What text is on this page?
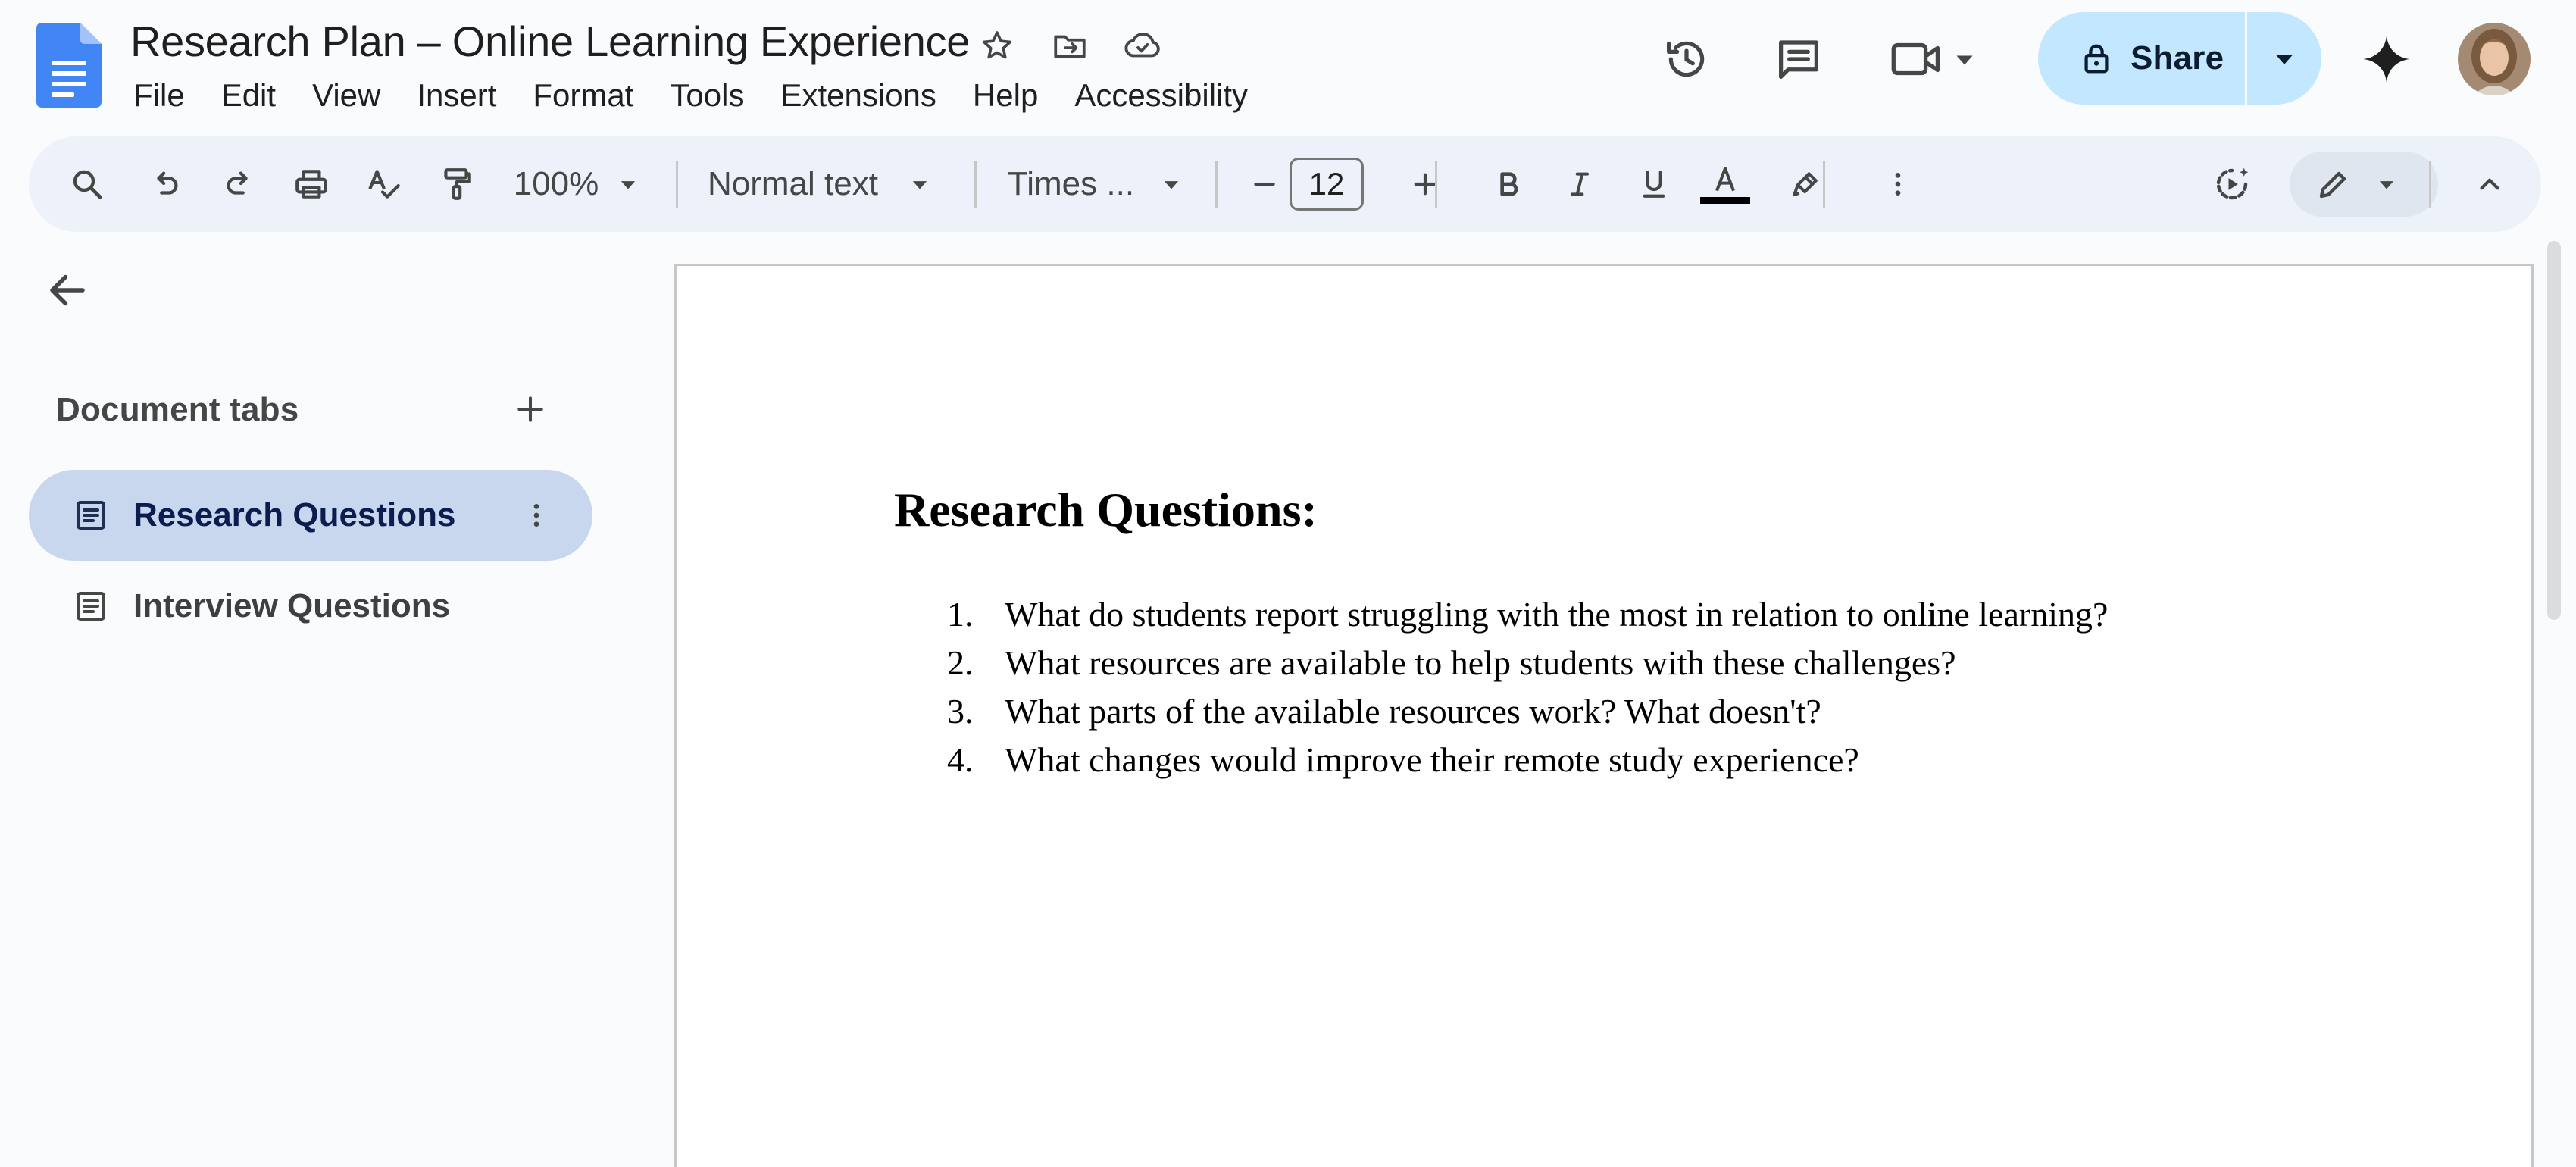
Research Plan – Online Learning Experience
File	Edit	View	Insert	Format	Tools	Extensions	Help	Accessibility
Share
100%	Normal text	Times ...	12
Document tabs
Research Questions
Interview Questions
Research Questions:
1. What do students report struggling with the most in relation to online learning?
2. What resources are available to help students with these challenges?
3. What parts of the available resources work? What doesn't?
4. What changes would improve their remote study experience?
